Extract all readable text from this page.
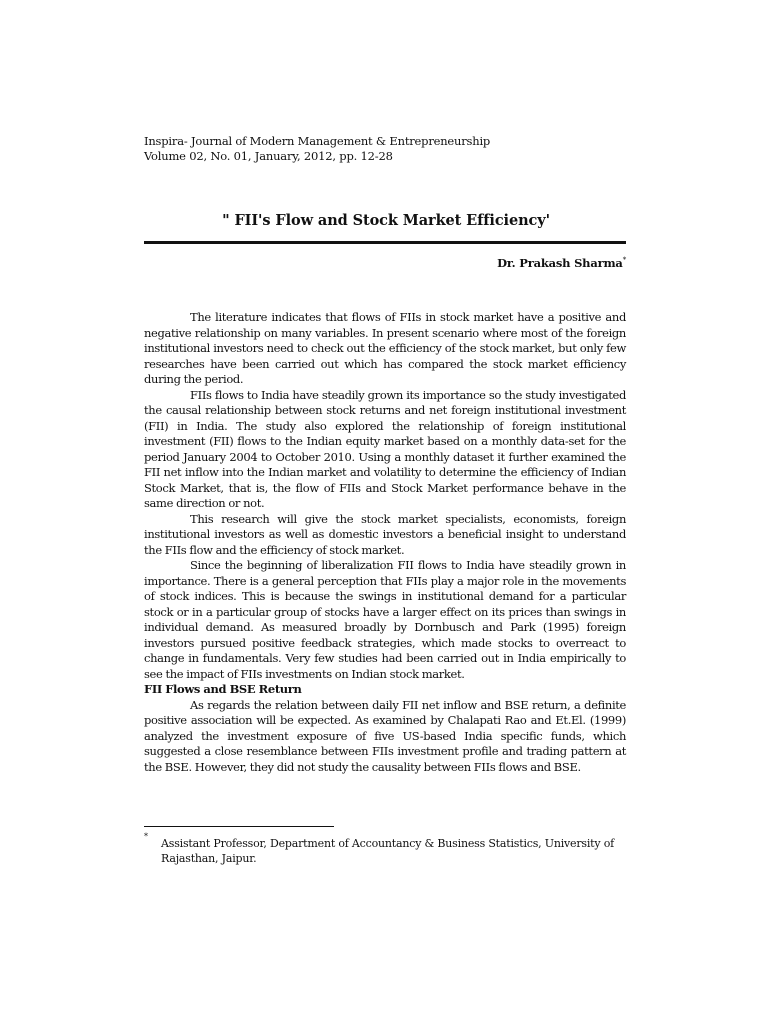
Inspira- Journal of Modern Management & Entrepreneurship
Volume 02, No. 01, January, 2012, pp. 12-28
" FII's Flow and Stock Market Efficiency'
Dr. Prakash Sharma*

The literature indicates that flows of FIIs in stock market have a positive and negative relationship on many variables. In present scenario where most of the foreign institutional investors need to check out the efficiency of the stock market, but only few researches have been carried out which has compared the stock market efficiency during the period.

FIIs flows to India have steadily grown its importance so the study investigated the causal relationship between stock returns and net foreign institutional investment (FII) in India. The study also explored the relationship of foreign institutional investment (FII) flows to the Indian equity market based on a monthly data-set for the period January 2004 to October 2010. Using a monthly dataset it further examined the FII net inflow into the Indian market and volatility to determine the efficiency of Indian Stock Market, that is, the flow of FIIs and Stock Market performance behave in the same direction or not.

This research will give the stock market specialists, economists, foreign institutional investors as well as domestic investors a beneficial insight to understand the FIIs flow and the efficiency of stock market.

Since the beginning of liberalization FII flows to India have steadily grown in importance. There is a general perception that FIIs play a major role in the movements of stock indices. This is because the swings in institutional demand for a particular stock or in a particular group of stocks have a larger effect on its prices than swings in individual demand. As measured broadly by Dornbusch and Park (1995) foreign investors pursued positive feedback strategies, which made stocks to overreact to change in fundamentals. Very few studies had been carried out in India empirically to see the impact of FIIs investments on Indian stock market.

FII Flows and BSE Return

As regards the relation between daily FII net inflow and BSE return, a definite positive association will be expected. As examined by Chalapati Rao and Et.El. (1999) analyzed the investment exposure of five US-based India specific funds, which suggested a close resemblance between FIIs investment profile and trading pattern at the BSE. However, they did not study the causality between FIIs flows and BSE.

*
Assistant Professor, Department of Accountancy & Business Statistics, University of Rajasthan, Jaipur.
